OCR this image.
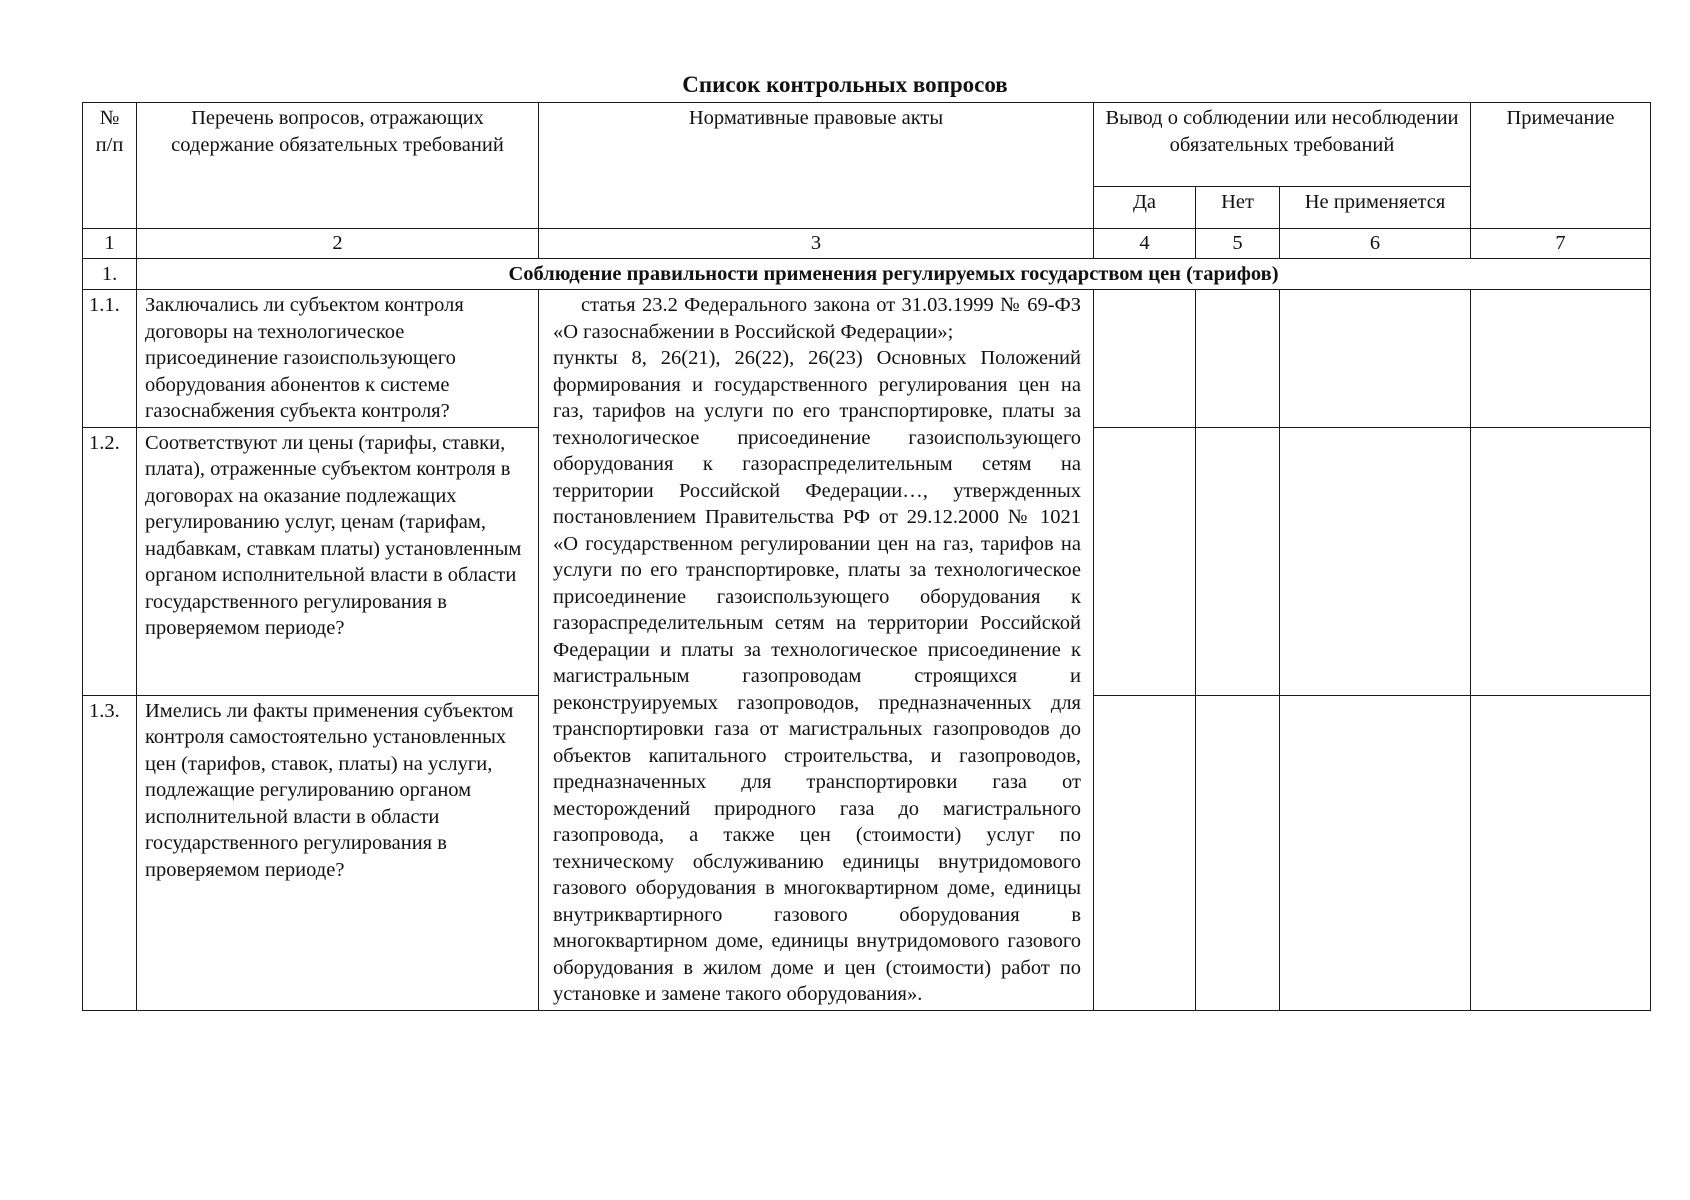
Список контрольных вопросов
№ п/п	Перечень вопросов, отражающих содержание обязательных требований	Нормативные правовые акты	Вывод о соблюдении или несоблюдении обязательных требований			Примечание
			Да	Нет	Не применяется	
1	2	3	4	5	6	7
1.	Соблюдение правильности применения регулируемых государством цен (тарифов)					
1.1.	Заключались ли субъектом контроля договоры на технологическое присоединение газоиспользующего оборудования абонентов к системе газоснабжения субъекта контроля?	статья 23.2 Федерального закона от 31.03.1999 № 69-ФЗ «О газоснабжении в Российской Федерации»;
пункты 8, 26(21), 26(22), 26(23) Основных Положений формирования и государственного регулирования цен на газ, тарифов на услуги по его транспортировке, платы за технологическое присоединение газоиспользующего оборудования к газораспределительным сетям на территории Российской Федерации…, утвержденных постановлением Правительства РФ от 29.12.2000 № 1021 «О государственном регулировании цен на газ, тарифов на услуги по его транспортировке, платы за технологическое присоединение газоиспользующего оборудования к газораспределительным сетям на территории Российской Федерации и платы за технологическое присоединение к магистральным газопроводам строящихся и реконструируемых газопроводов, предназначенных для транспортировки газа от магистральных газопроводов до объектов капитального строительства, и газопроводов, предназначенных для транспортировки газа от месторождений природного газа до магистрального газопровода, а также цен (стоимости) услуг по техническому обслуживанию единицы внутридомового газового оборудования в многоквартирном доме, единицы внутриквартирного газового оборудования в многоквартирном доме, единицы внутридомового газового оборудования в жилом доме и цен (стоимости) работ по установке и замене такого оборудования».				

1.2.	Соответствуют ли цены (тарифы, ставки, плата), отраженные субъектом контроля в договорах на оказание подлежащих регулированию услуг, ценам (тарифам, надбавкам, ставкам платы) установленным органом исполнительной власти в области государственного регулирования в проверяемом периоде?					
1.3.	Имелись ли факты применения субъектом контроля самостоятельно установленных цен (тарифов, ставок, платы) на услуги, подлежащие регулированию органом исполнительной власти в области государственного регулирования в проверяемом периоде?					
